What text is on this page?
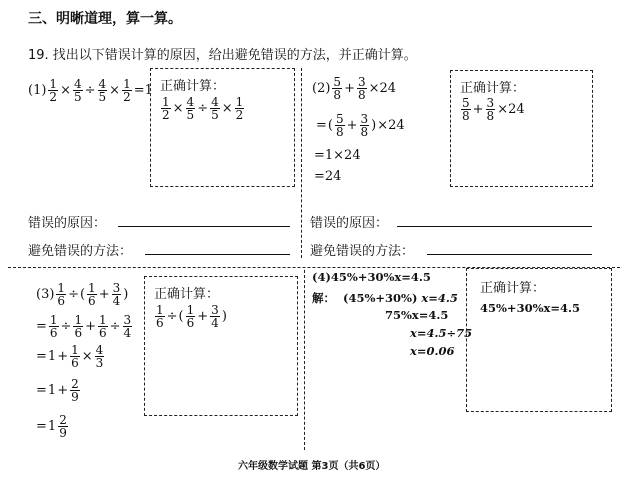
三、明晰道理，算一算。
19. 找出以下错误计算的原因，给出避免错误的方法，并正确计算。
$(1) \frac{1}{2} \times \frac{4}{5} \div \frac{4}{5} \times \frac{1}{2} =1$ 正确计算：
$\frac{1}{2} \times \frac{4}{5} \div \frac{4}{5} \times \frac{1}{2}$
错误的原因：
避免错误的方法：
$(2) \frac{5}{8} + \frac{3}{8} \times 24$
= ( $\frac{5}{8} + \frac{3}{8}$ ) ×24
=1×24
=24
正确计算：
$\frac{5}{8} + \frac{3}{8} \times 24$
错误的原因：
避免错误的方法：
$(3) \frac{1}{6}$ ÷ ( $\frac{1}{6} + \frac{3}{4}$ )
= $\frac{1}{6} \div \frac{1}{6} + \frac{1}{6} \div \frac{3}{4}$
= $1 + \frac{1}{6} \times \frac{4}{3}$
= $1 + \frac{2}{9}$
= $1 \frac{2}{9}$
正确计算：
$\frac{1}{6}$ ÷ ( $\frac{1}{6} + \frac{3}{4}$ )
(4)45%+30%x=4.5
解： (45%+30%) x=4.5
75%x=4.5
x=4.5÷75
x=0.06
正确计算：
45%+30%x=4.5
六年级数学试题 第3页（共6页）
